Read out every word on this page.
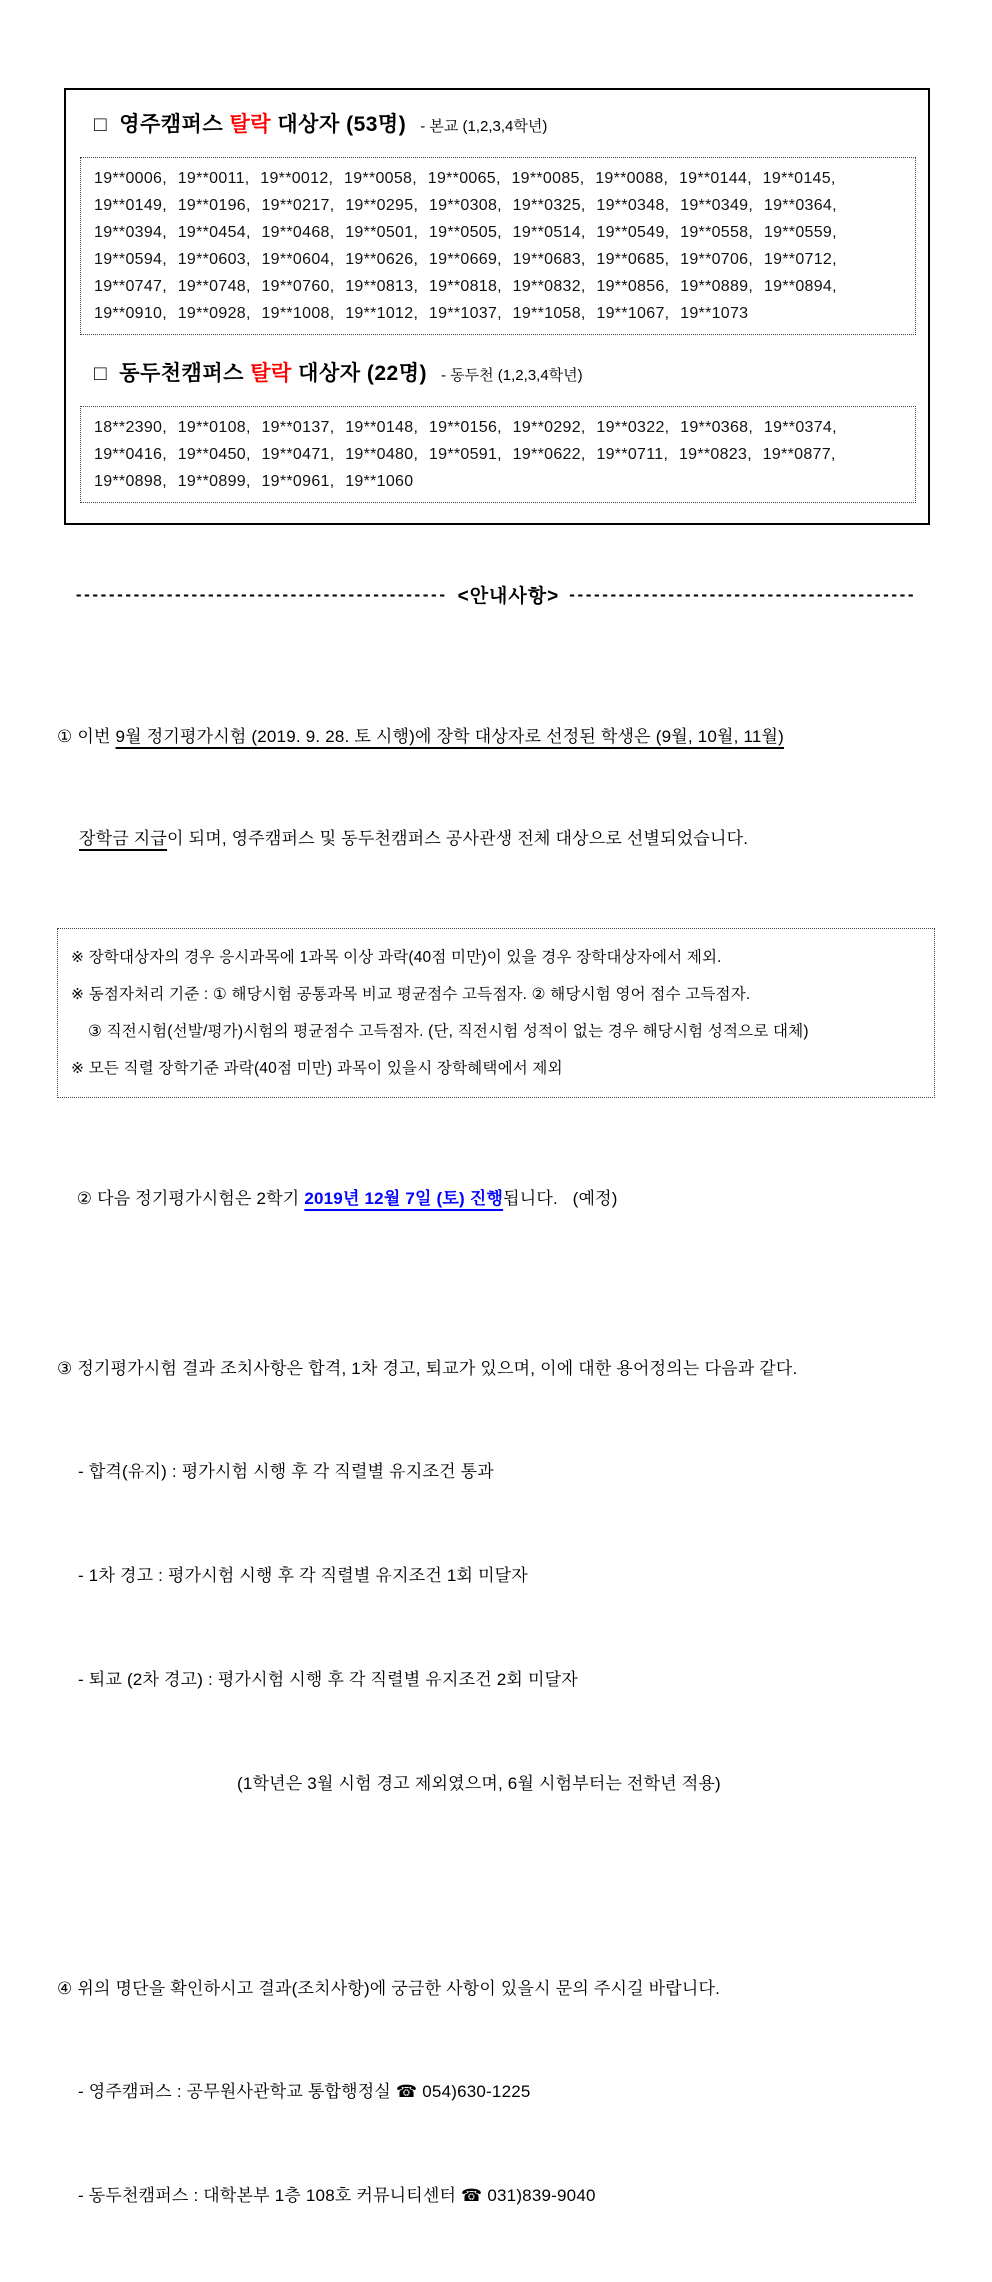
□ 영주캠퍼스 탈락 대상자 (53명) - 본교 (1,2,3,4학년)
19**0006, 19**0011, 19**0012, 19**0058, 19**0065, 19**0085, 19**0088, 19**0144, 19**0145,
19**0149, 19**0196, 19**0217, 19**0295, 19**0308, 19**0325, 19**0348, 19**0349, 19**0364,
19**0394, 19**0454, 19**0468, 19**0501, 19**0505, 19**0514, 19**0549, 19**0558, 19**0559,
19**0594, 19**0603, 19**0604, 19**0626, 19**0669, 19**0683, 19**0685, 19**0706, 19**0712,
19**0747, 19**0748, 19**0760, 19**0813, 19**0818, 19**0832, 19**0856, 19**0889, 19**0894,
19**0910, 19**0928, 19**1008, 19**1012, 19**1037, 19**1058, 19**1067, 19**1073
□ 동두천캠퍼스 탈락 대상자 (22명) - 동두천 (1,2,3,4학년)
18**2390, 19**0108, 19**0137, 19**0148, 19**0156, 19**0292, 19**0322, 19**0368, 19**0374,
19**0416, 19**0450, 19**0471, 19**0480, 19**0591, 19**0622, 19**0711, 19**0823, 19**0877,
19**0898, 19**0899, 19**0961, 19**1060
--------------------------------------------- <안내사항> ------------------------------------------

① 이번 9월 정기평가시험 (2019. 9. 28. 토 시행)에 장학 대상자로 선정된 학생은 (9월, 10월, 11월)

장학금 지급이 되며, 영주캠퍼스 및 동두천캠퍼스 공사관생 전체 대상으로 선별되었습니다.

※ 장학대상자의 경우 응시과목에 1과목 이상 과락(40점 미만)이 있을 경우 장학대상자에서 제외.
※ 동점자처리 기준 : ① 해당시험 공통과목 비교 평균점수 고득점자. ② 해당시험 영어 점수 고득점자.
③ 직전시험(선발/평가)시험의 평균점수 고득점자. (단, 직전시험 성적이 없는 경우 해당시험 성적으로 대체)
※ 모든 직렬 장학기준 과락(40점 미만) 과목이 있을시 장학혜택에서 제외

② 다음 정기평가시험은 2학기 2019년 12월 7일 (토) 진행됩니다.   (예정)

③ 정기평가시험 결과 조치사항은 합격, 1차 경고, 퇴교가 있으며, 이에 대한 용어정의는 다음과 같다.

- 합격(유지) : 평가시험 시행 후 각 직렬별 유지조건 통과

- 1차 경고 : 평가시험 시행 후 각 직렬별 유지조건 1회 미달자

- 퇴교 (2차 경고) : 평가시험 시행 후 각 직렬별 유지조건 2회 미달자

(1학년은 3월 시험 경고 제외였으며, 6월 시험부터는 전학년 적용)

④ 위의 명단을 확인하시고 결과(조치사항)에 궁금한 사항이 있을시 문의 주시길 바랍니다.

- 영주캠퍼스 : 공무원사관학교 통합행정실 ☎ 054)630-1225

- 동두천캠퍼스 : 대학본부 1층 108호 커뮤니티센터 ☎ 031)839-9040
